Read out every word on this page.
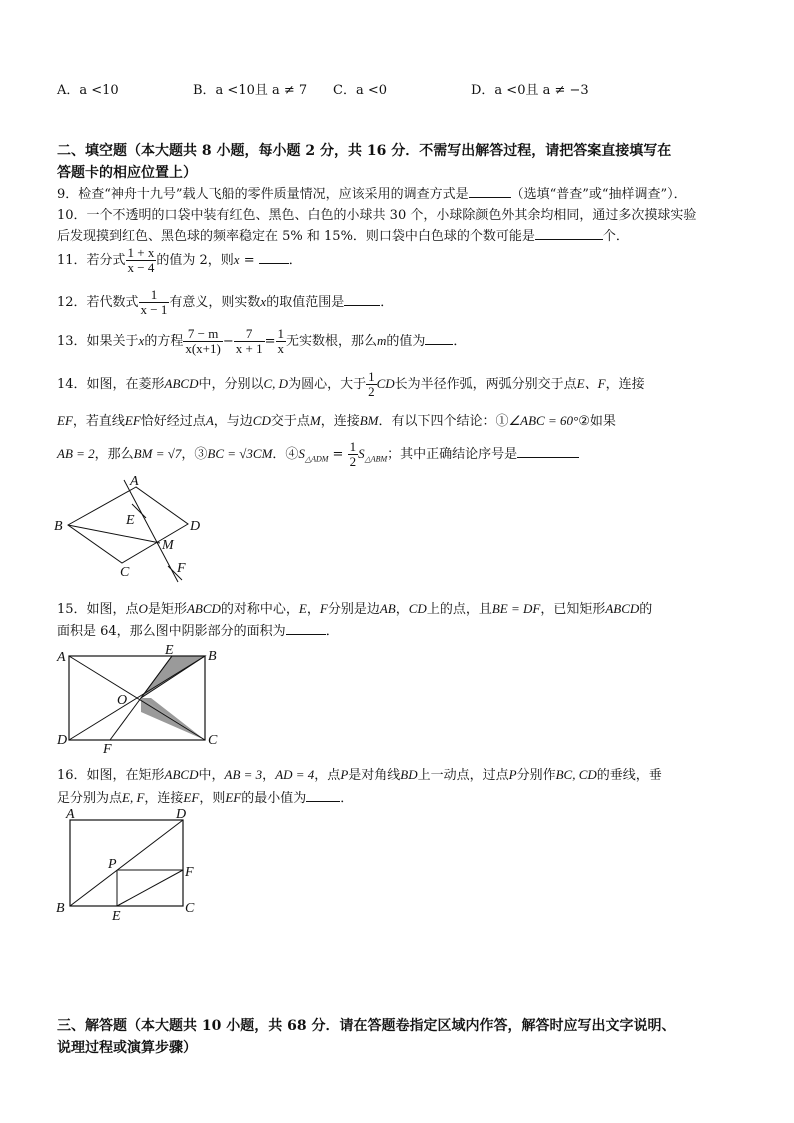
A．a <10	B．a <10且 a ≠ 7 C．a <0	D．a <0且 a ≠ −3
二、填空题（本大题共 8 小题，每小题 2 分，共 16 分．不需写出解答过程，请把答案直接填写在
答题卡的相应位置上）
9．检查“神舟十九号”载人飞船的零件质量情况，应该采用的调查方式是	（选填“普查”或“抽样调查”）．
10．一个不透明的口袋中装有红色、黑色、白色的小球共 30 个，小球除颜色外其余均相同，通过多次摸球实验
后发现摸到红色、黑色球的频率稳定在 5% 和 15%．则口袋中白色球的个数可能是	个．
11．若分式 $\frac{1 + x}{x - 4}$ 的值为 2，则x = ．
12．若代数式 $\frac{1}{x - 1}$ 有意义，则实数x的取值范围是	．
13．如果关于x的方程 $\frac{7 - m}{x(x+1)} - \frac{7}{x + 1} = \frac{1}{x}$ 无实数根，那么m的值为 ．
14．如图，在菱形ABCD中，分别以C, D为圆心，大于 $\frac{1}{2}$ CD长为半径作弧，两弧分别交于点E、F，连接
EF，若直线EF恰好经过点A，与边CD交于点M，连接BM．有以下四个结论：①∠ABC = 60°②如果
AB = 2，那么BM = √7，③BC = √3CM．$④S_{\triangle ADM} = \frac{1}{2} S_{\triangle ABM}$；其中正确结论序号是
A
B
C
D
E
M
F
15．如图，点O是矩形ABCD的对称中心，E，F分别是边AB，CD上的点，且BE = DF，已知矩形ABCD的
面积是 64，那么图中阴影部分的面积为	．
A	B
C
D
E
F
O
16．如图，在矩形ABCD中，AB = 3，AD = 4，点P是对角线BD上一动点，过点P分别作BC, CD的垂线，垂
足分别为点E, F，连接EF，则EF的最小值为	．
A
B	C
D
E
F
P
三、解答题（本大题共 10 小题，共 68 分．请在答题卷指定区域内作答，解答时应写出文字说明、
说理过程或演算步骤）
